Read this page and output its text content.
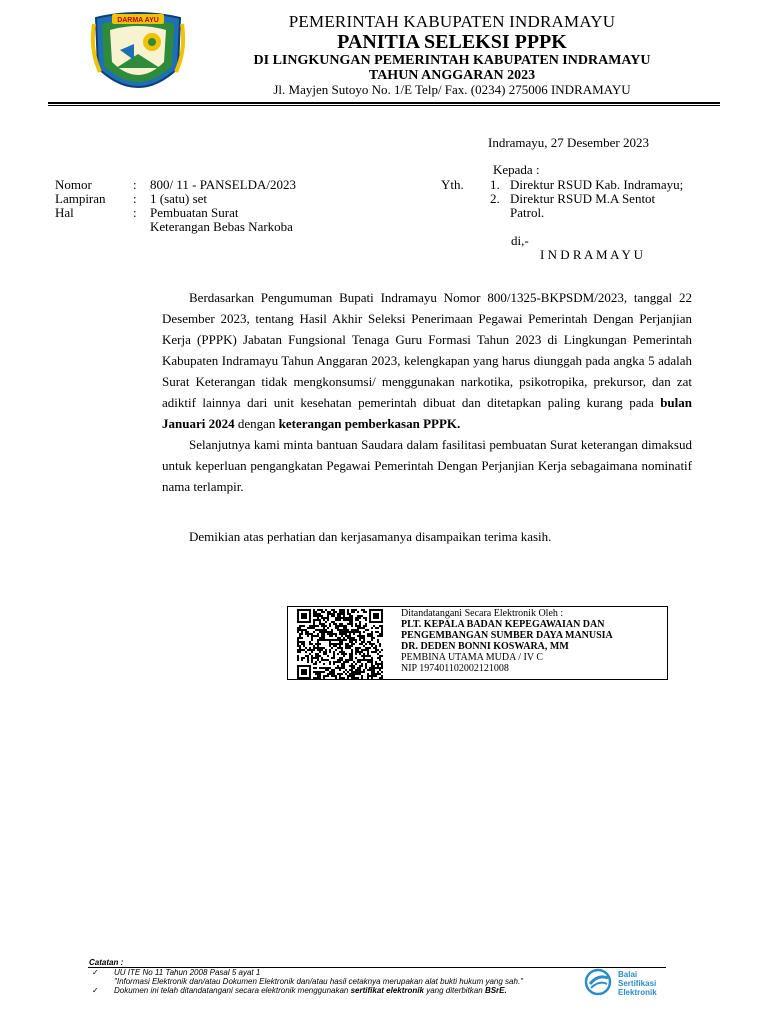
DARMA AYU	PEMERINTAH KABUPATEN INDRAMAYU
PANITIA SELEKSI PPPK
DI LINGKUNGAN PEMERINTAH KABUPATEN INDRAMAYU
TAHUN ANGGARAN 2023
Jl. Mayjen Sutoyo No. 1/E Telp/ Fax. (0234) 275006 INDRAMAYU
Indramayu, 27 Desember 2023
Nomor	: 800/ 11 - PANSELDA/2023
Lampiran : 1 (satu) set
Hal	: Pembuatan Surat
Keterangan Bebas Narkoba
Kepada :
Yth. 1. Direktur RSUD Kab. Indramayu;
2. Direktur RSUD M.A Sentot
Patrol.
di,-
I N D R A M A Y U

Berdasarkan Pengumuman Bupati Indramayu Nomor 800/1325-BKPSDM/2023, tanggal 22 Desember 2023, tentang Hasil Akhir Seleksi Penerimaan Pegawai Pemerintah Dengan Perjanjian Kerja (PPPK) Jabatan Fungsional Tenaga Guru Formasi Tahun 2023 di Lingkungan Pemerintah Kabupaten Indramayu Tahun Anggaran 2023, kelengkapan yang harus diunggah pada angka 5 adalah Surat Keterangan tidak mengkonsumsi/ menggunakan narkotika, psikotropika, prekursor, dan zat adiktif lainnya dari unit kesehatan pemerintah dibuat dan ditetapkan paling kurang pada bulan Januari 2024 dengan keterangan pemberkasan PPPK.

Selanjutnya kami minta bantuan Saudara dalam fasilitasi pembuatan Surat keterangan dimaksud untuk keperluan pengangkatan Pegawai Pemerintah Dengan Perjanjian Kerja sebagaimana nominatif nama terlampir.

Demikian atas perhatian dan kerjasamanya disampaikan terima kasih.
Ditandatangani Secara Elektronik Oleh :
PLT. KEPALA BADAN KEPEGAWAIAN DAN
PENGEMBANGAN SUMBER DAYA MANUSIA
DR. DEDEN BONNI KOSWARA, MM
PEMBINA UTAMA MUDA / IV C
NIP 197401102002121008
Catatan :
✓ UU ITE No 11 Tahun 2008 Pasal 5 ayat 1
"Informasi Elektronik dan/atau Dokumen Elektronik dan/atau hasil cetaknya merupakan alat bukti hukum yang sah."
✓ Dokumen ini telah ditandatangani secara elektronik menggunakan sertifikat elektronik yang diterbitkan BSrE.
Balai
Sertifikasi
Elektronik
